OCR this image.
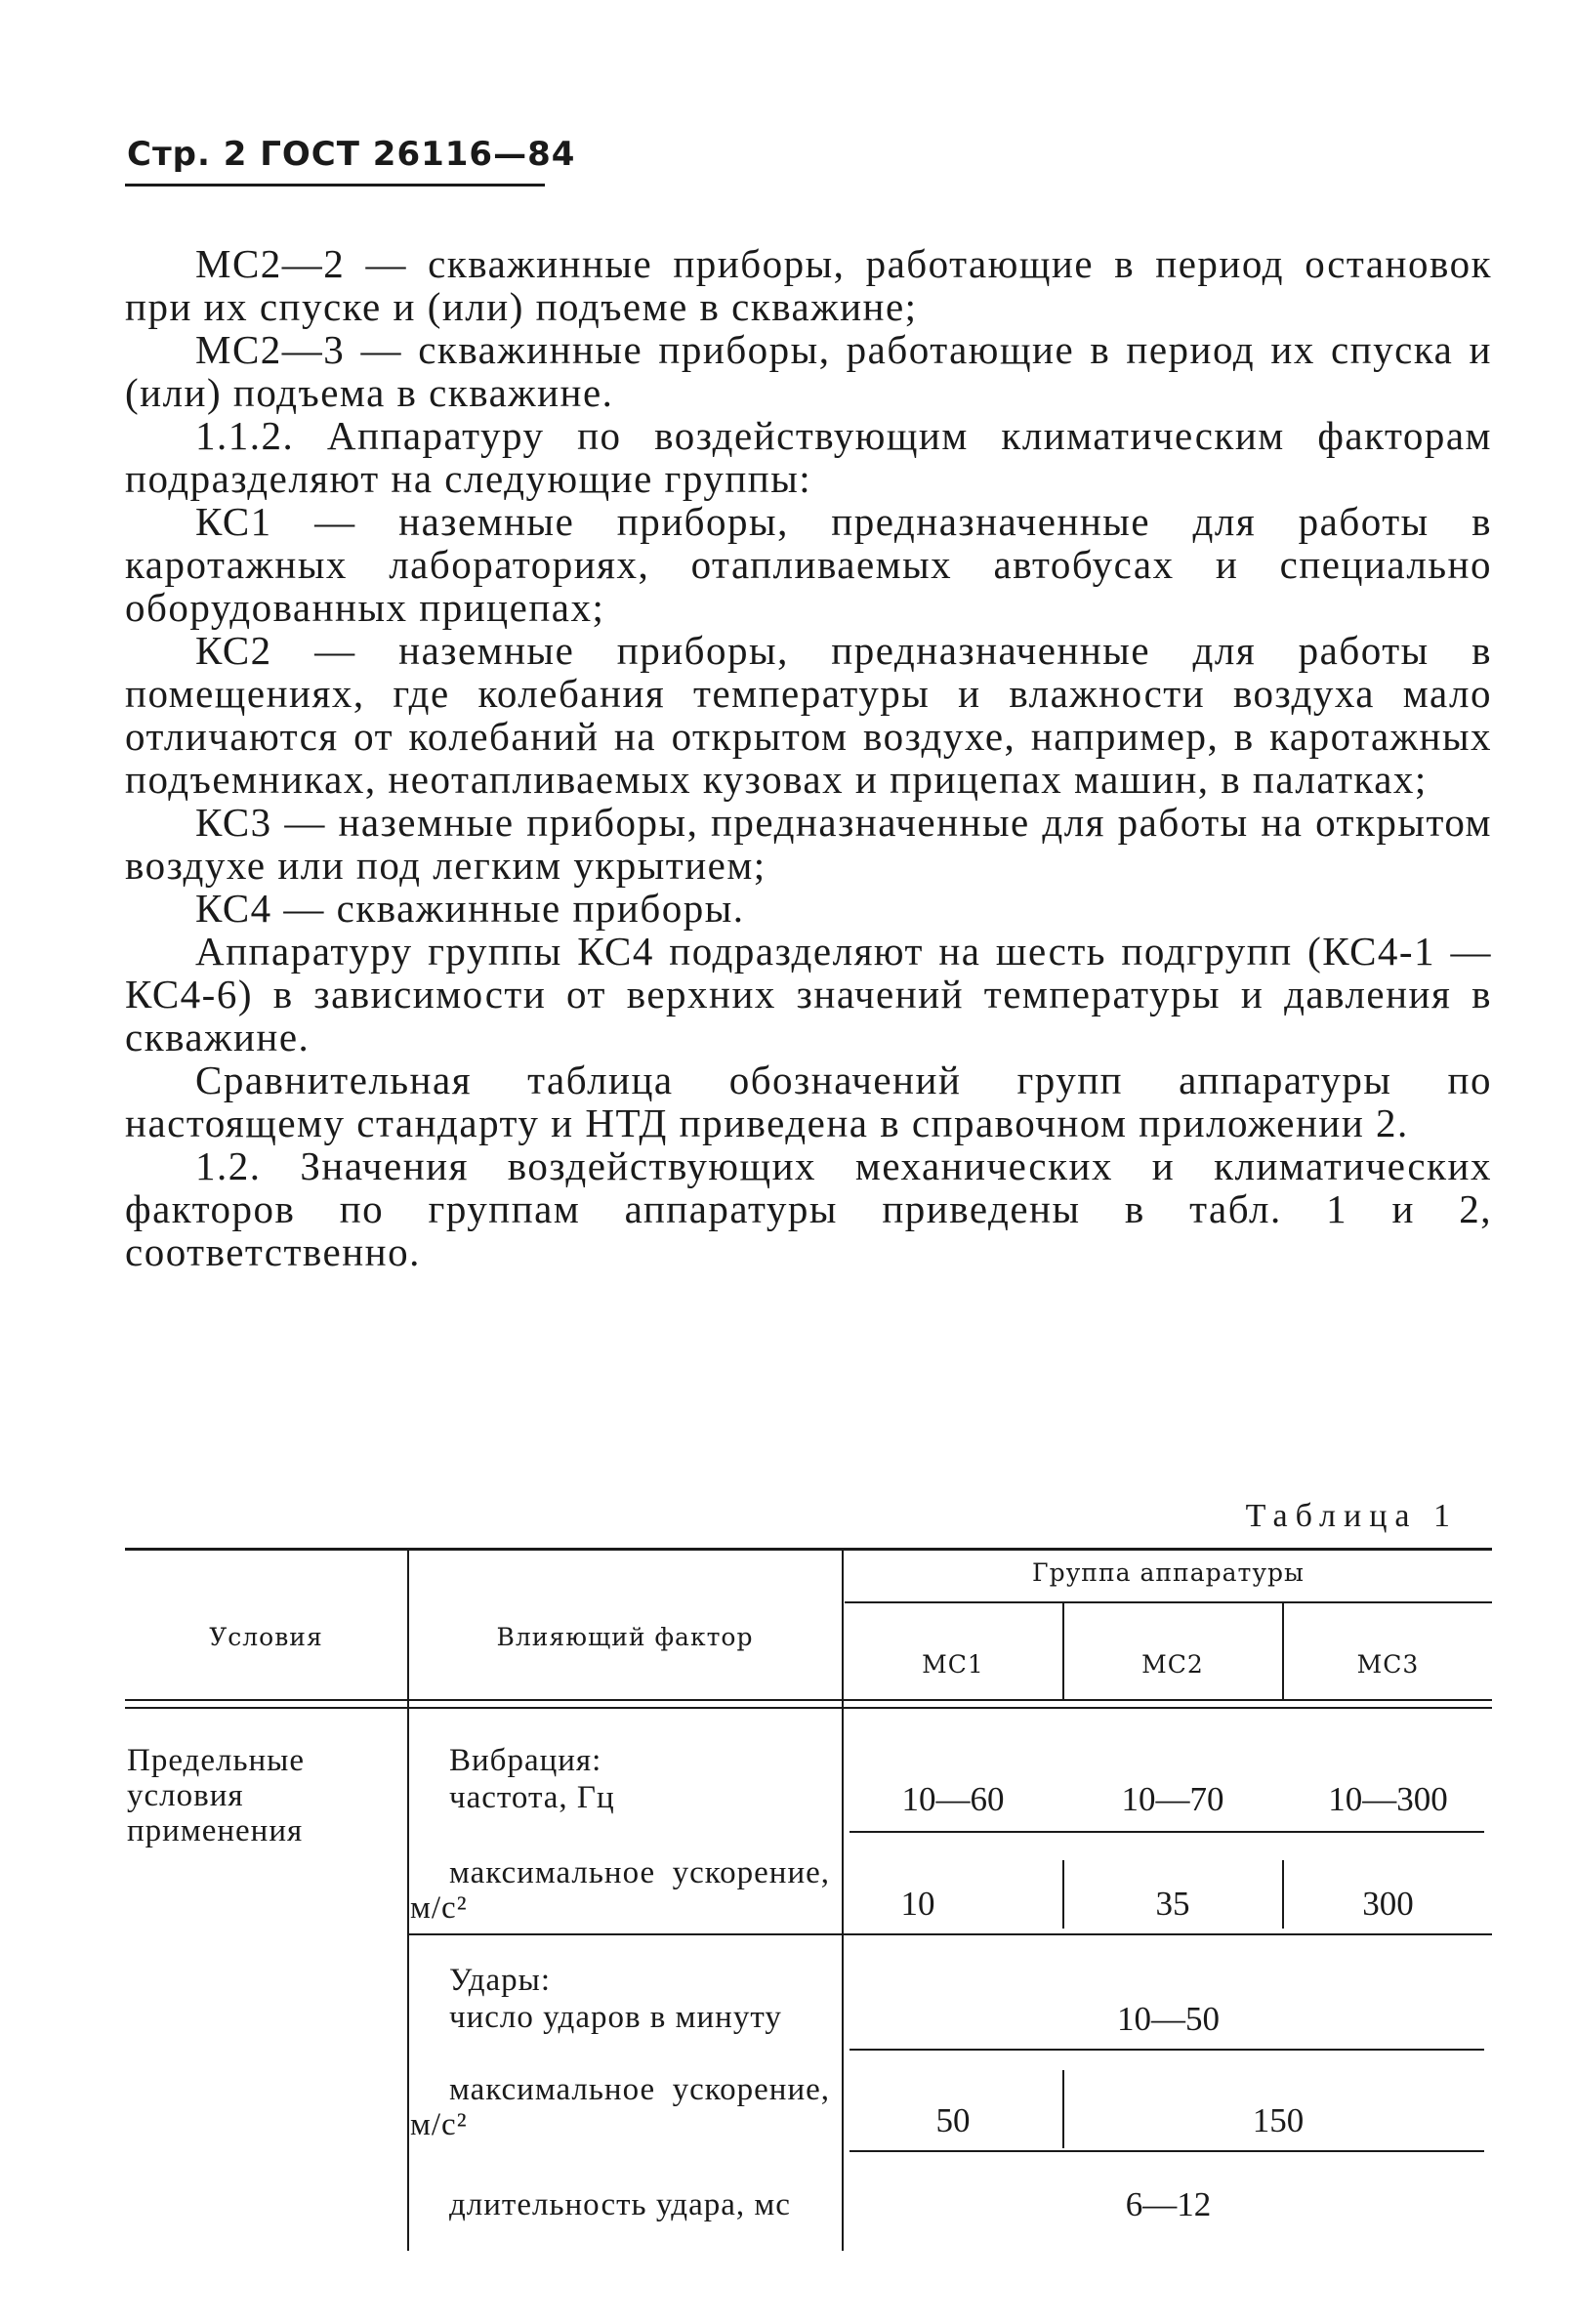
Стр. 2 ГОСТ 26116—84

МС2—2 — скважинные приборы, работающие в период остановок при их спуске и (или) подъеме в скважине;

МС2—3 — скважинные приборы, работающие в период их спуска и (или) подъема в скважине.

1.1.2. Аппаратуру по воздействующим климатическим факторам подразделяют на следующие группы:

КС1 — наземные приборы, предназначенные для работы в каротажных лабораториях, отапливаемых автобусах и специально оборудованных прицепах;

КС2 — наземные приборы, предназначенные для работы в помещениях, где колебания температуры и влажности воздуха мало отличаются от колебаний на открытом воздухе, например, в каротажных подъемниках, неотапливаемых кузовах и прицепах машин, в палатках;

КС3 — наземные приборы, предназначенные для работы на открытом воздухе или под легким укрытием;

КС4 — скважинные приборы.

Аппаратуру группы КС4 подразделяют на шесть подгрупп (КС4-1 — КС4-6) в зависимости от верхних значений температуры и давления в скважине.

Сравнительная таблица обозначений групп аппаратуры по настоящему стандарту и НТД приведена в справочном приложении 2.

1.2. Значения воздействующих механических и климатических факторов по группам аппаратуры приведены в табл. 1 и 2, соответственно.

Таблица 1
Условия	Влияющий фактор
Группа аппаратуры
МС1	МС2	МС3
Предельные условия применения
Вибрация:
частота, Гц	10—60	10—70	10—300
максимальное ускорение, м/с²	10	35	300
Удары:
число ударов в минуту	10—50
максимальное ускорение, м/с²	50	150
длительность удара, мс	6—12
